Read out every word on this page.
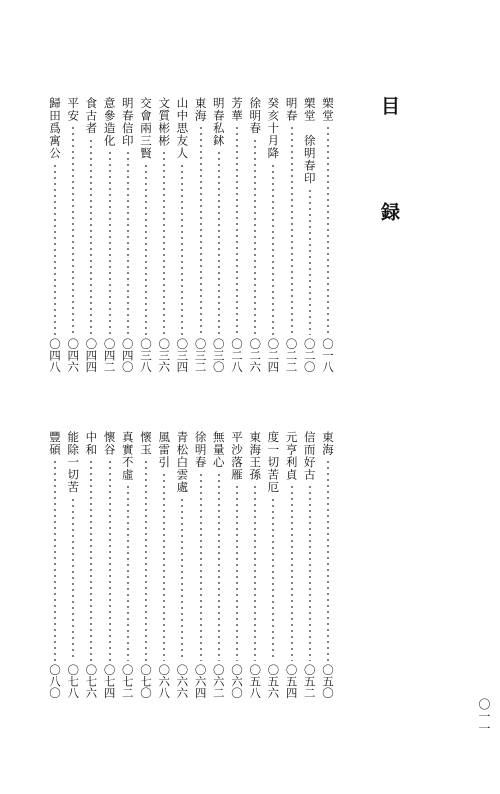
目　録
槊堂
〇一八
槊堂　徐明春印
〇二〇
明春
〇二二
癸亥十月降
〇二四
徐明春
〇二六
芳華
〇二八
明春私鉥
〇三〇
東海
〇三二
山中思友人
〇三四
文質彬彬
〇三六
交會兩三賢
〇三八
明春信印
〇四〇
意參造化
〇四二
食古者
〇四四
平安
〇四六
歸田爲寓公
〇四八
東海
〇五〇
信而好古
〇五二
元亨利貞
〇五四
度一切苦厄
〇五六
東海王孫
〇五八
平沙落雁
〇六〇
無量心
〇六二
徐明春
〇六四
青松白雲處
〇六六
風雷引
〇六八
懷玉
〇七〇
真實不虛
〇七二
懷谷
〇七四
中和
〇七六
能除一切苦
〇七八
豐碩
〇八〇
〇一一
